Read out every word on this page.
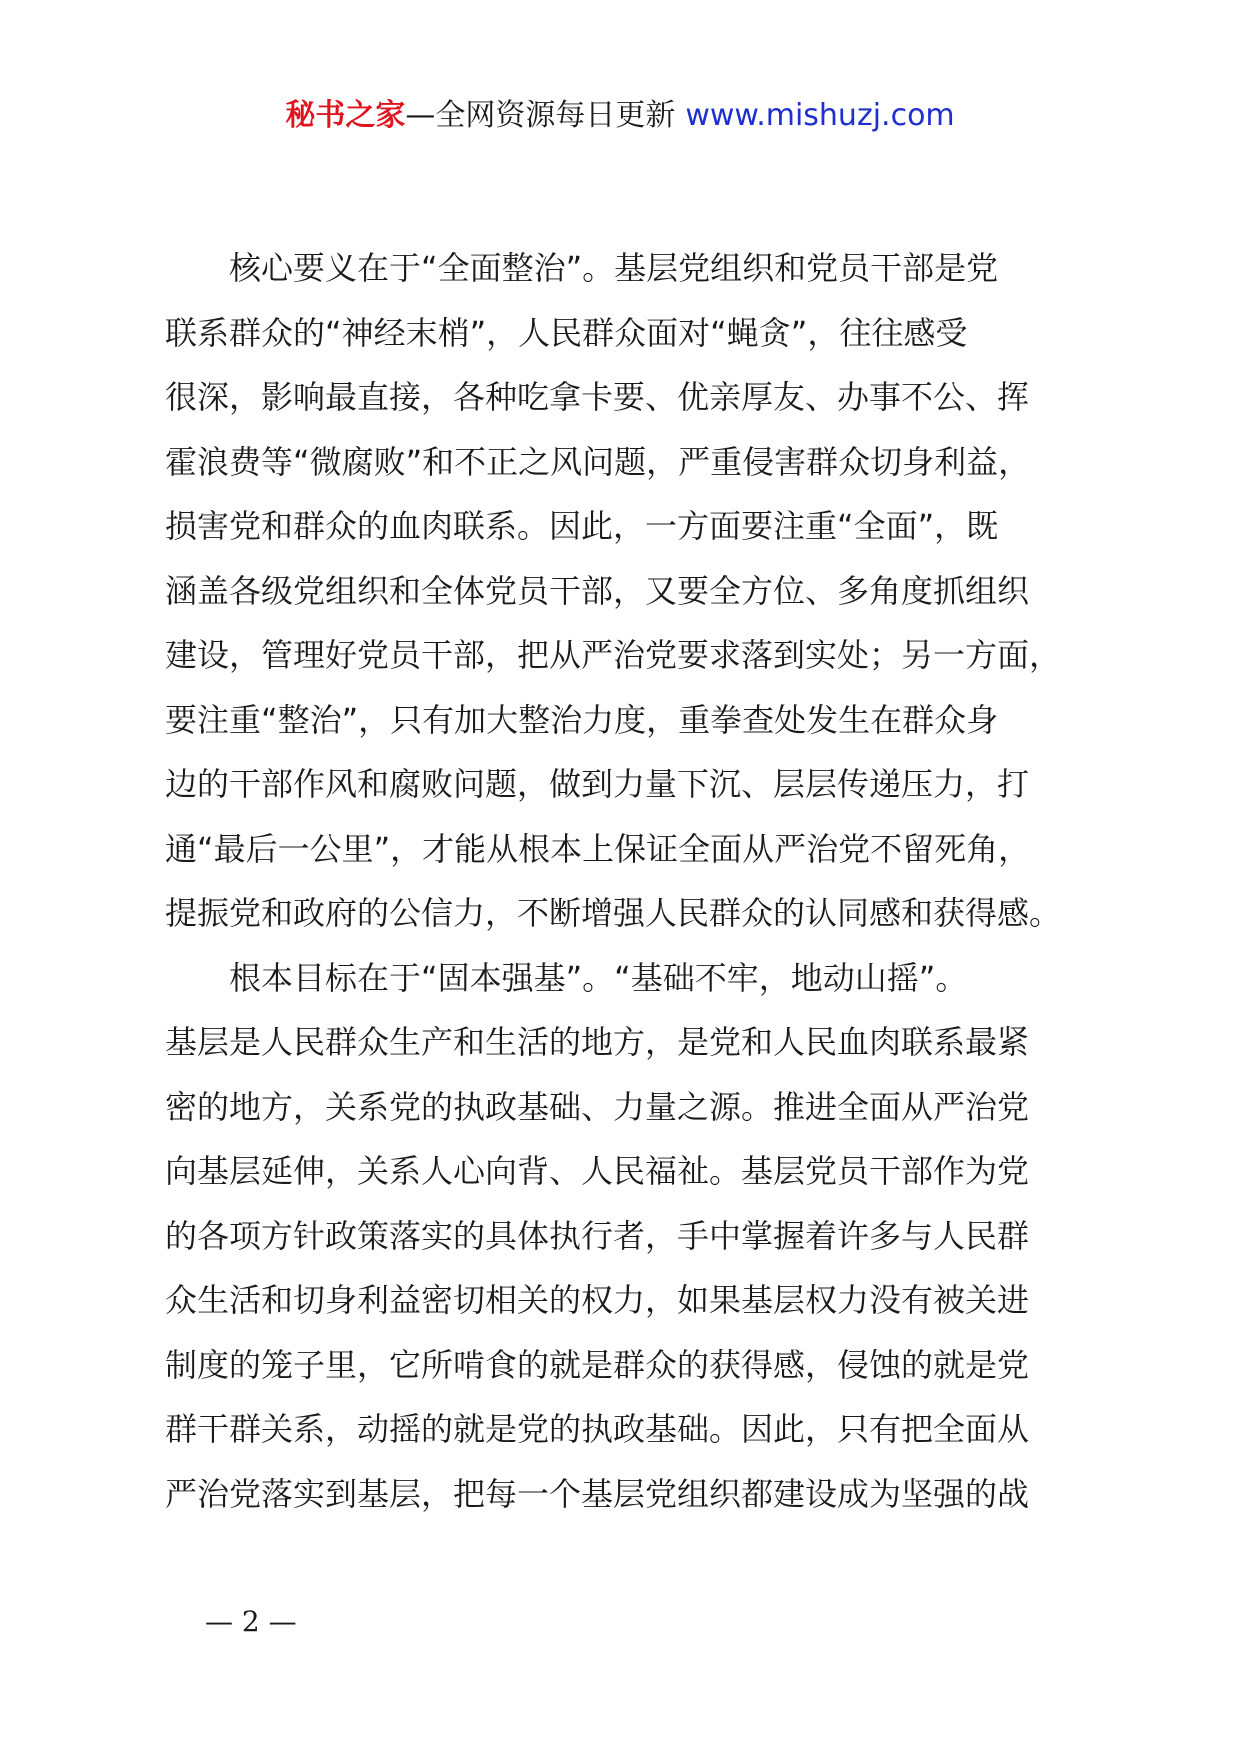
秘书之家—全网资源每日更新 www.mishuzj.com
核心要义在于“全面整治”。基层党组织和党员干部是党
联系群众的“神经末梢”，人民群众面对“蝇贪”，往往感受
很深，影响最直接，各种吃拿卡要、优亲厚友、办事不公、挥
霍浪费等“微腐败”和不正之风问题，严重侵害群众切身利益，
损害党和群众的血肉联系。因此，一方面要注重“全面”，既
涵盖各级党组织和全体党员干部，又要全方位、多角度抓组织
建设，管理好党员干部，把从严治党要求落到实处；另一方面，
要注重“整治”，只有加大整治力度，重拳查处发生在群众身
边的干部作风和腐败问题，做到力量下沉、层层传递压力，打
通“最后一公里”，才能从根本上保证全面从严治党不留死角，
提振党和政府的公信力，不断增强人民群众的认同感和获得感。
根本目标在于“固本强基”。“基础不牢，地动山摇”。
基层是人民群众生产和生活的地方，是党和人民血肉联系最紧
密的地方，关系党的执政基础、力量之源。推进全面从严治党
向基层延伸，关系人心向背、人民福祉。基层党员干部作为党
的各项方针政策落实的具体执行者，手中掌握着许多与人民群
众生活和切身利益密切相关的权力，如果基层权力没有被关进
制度的笼子里，它所啃食的就是群众的获得感，侵蚀的就是党
群干群关系，动摇的就是党的执政基础。因此，只有把全面从
严治党落实到基层，把每一个基层党组织都建设成为坚强的战
— 2 —
